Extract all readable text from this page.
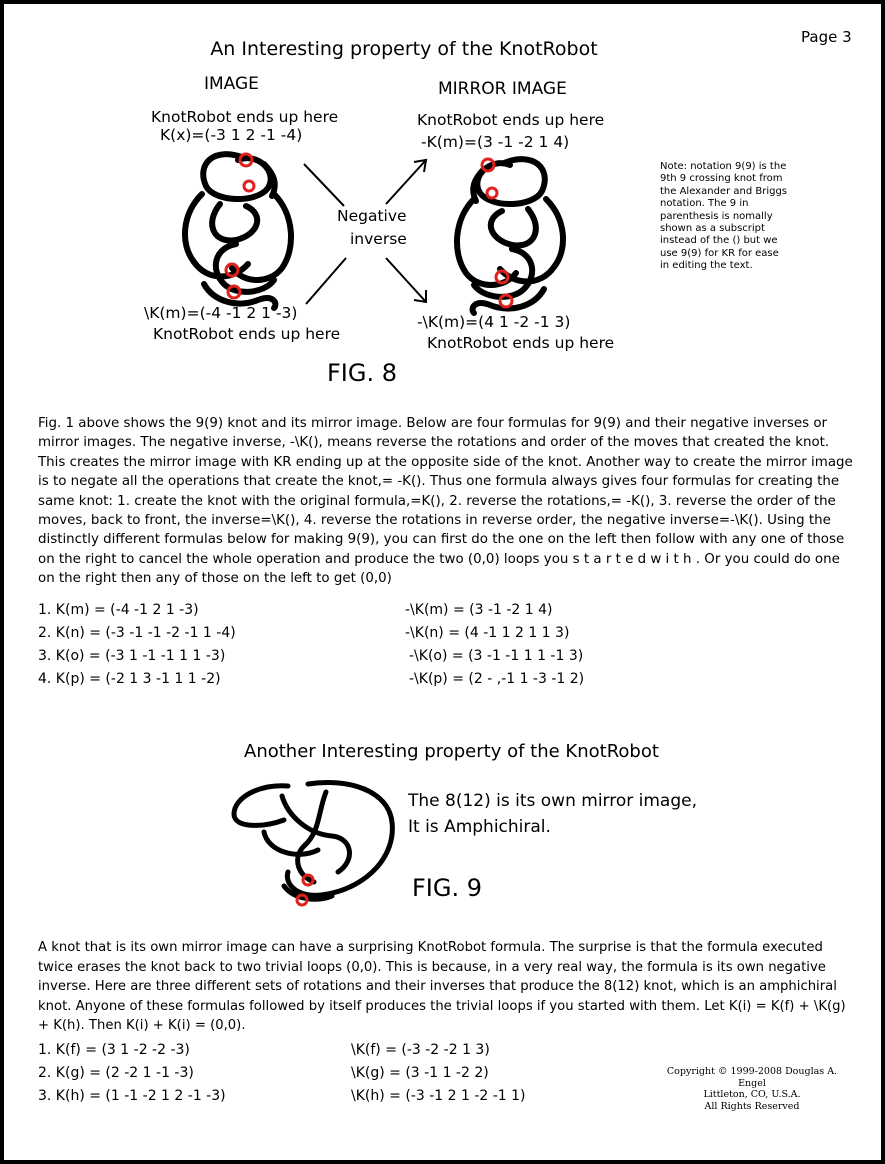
Page 3
An Interesting property of the KnotRobot
IMAGE	MIRROR IMAGE
KnotRobot ends up here
K(x)=(-3 1 2 -1 -4)
KnotRobot ends up here
-K(m)=(3 -1 -2 1 4)
Negative
inverse
\K(m)=(-4 -1 2 1 -3)
KnotRobot ends up here
-\K(m)=(4 1 -2 -1 3)
KnotRobot ends up here
FIG. 8
Note: notation 9(9) is the 9th 9 crossing knot from the Alexander and Briggs notation. The 9 in parenthesis is nomally shown as a subscript instead of the () but we use 9(9) for KR for ease in editing the text.
Fig. 1 above shows the 9(9) knot and its mirror image. Below are four formulas for 9(9) and their negative inverses or mirror images. The negative inverse, -\K(), means reverse the rotations and order of the moves that created the knot. This creates the mirror image with KR ending up at the opposite side of the knot. Another way to create the mirror image is to negate all the operations that create the knot,= -K(). Thus one formula always gives four formulas for creating the same knot: 1. create the knot with the original formula,=K(), 2. reverse the rotations,= -K(), 3. reverse the order of the moves, back to front, the inverse=\K(), 4. reverse the rotations in reverse order, the negative inverse=-\K(). Using the distinctly different formulas below for making 9(9), you can first do the one on the left then follow with any one of those on the right to cancel the whole operation and produce the two (0,0) loops you s t a r t e d w i t h . Or you could do one on the right then any of those on the left to get (0,0)
1. K(m) = (-4 -1 2 1 -3)	-\K(m) = (3 -1 -2 1 4)
2. K(n) = (-3 -1 -1 -2 -1 1 -4)	-\K(n) = (4 -1 1 2 1 1 3)
3. K(o) = (-3 1 -1 -1 1 1 -3)	-\K(o) = (3 -1 -1 1 1 -1 3)
4. K(p) = (-2 1 3 -1 1 1 -2)	-\K(p) = (2 - ,-1 1 -3 -1 2)
Another Interesting property of the KnotRobot
The 8(12) is its own mirror image,
It is Amphichiral.
FIG. 9
A knot that is its own mirror image can have a surprising KnotRobot formula. The surprise is that the formula executed twice erases the knot back to two trivial loops (0,0). This is because, in a very real way, the formula is its own negative inverse. Here are three different sets of rotations and their inverses that produce the 8(12) knot, which is an amphichiral knot. Anyone of these formulas followed by itself produces the trivial loops if you started with them. Let K(i) = K(f) + \K(g) + K(h). Then K(i) + K(i) = (0,0).
1. K(f) = (3 1 -2 -2 -3)	\K(f) = (-3 -2 -2 1 3)
2. K(g) = (2 -2 1 -1 -3)	\K(g) = (3 -1 1 -2 2)
3. K(h) = (1 -1 -2 1 2 -1 -3)	\K(h) = (-3 -1 2 1 -2 -1 1)
Copyright © 1999-2008 Douglas A. Engel
Littleton, CO, U.S.A.
All Rights Reserved
